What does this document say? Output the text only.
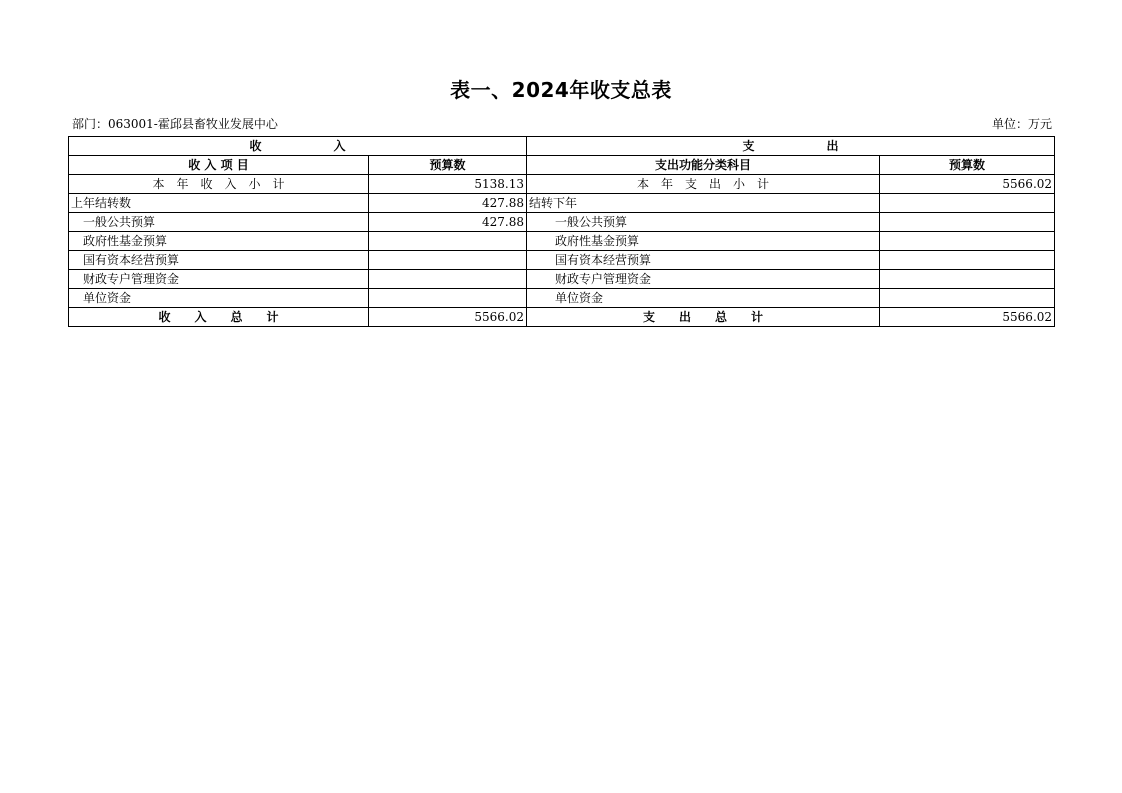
表一、2024年收支总表
部门：063001-霍邱县畜牧业发展中心	单位：万元
收　　　　　　入		支　　　　　　出	
收 入 项 目	预算数	支出功能分类科目	预算数
本　年　收　入　小　计	5138.13	本　年　支　出　小　计	5566.02
上年结转数	427.88	结转下年	
一般公共预算	427.88	一般公共预算	
政府性基金预算		政府性基金预算	
国有资本经营预算		国有资本经营预算	
财政专户管理资金		财政专户管理资金	
单位资金		单位资金	
收　　入　　总　　计	5566.02	支　　出　　总　　计	5566.02
